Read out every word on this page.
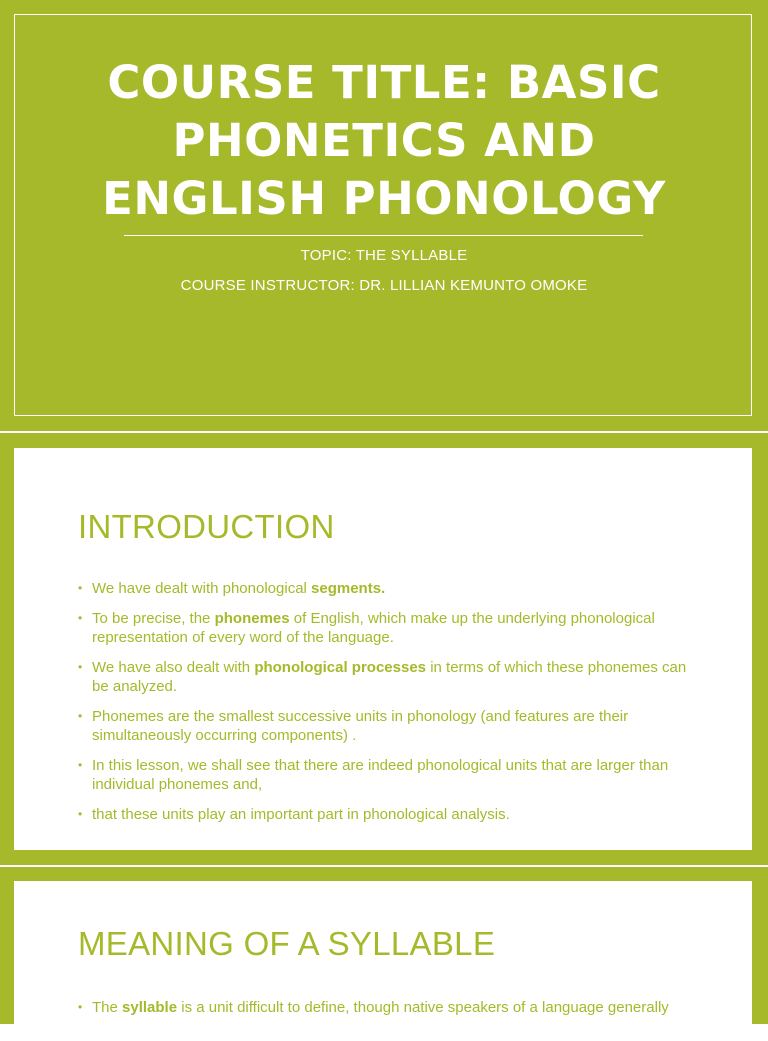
COURSE TITLE: BASIC
PHONETICS AND
ENGLISH PHONOLOGY
TOPIC: THE SYLLABLE
COURSE INSTRUCTOR: DR. LILLIAN KEMUNTO OMOKE
INTRODUCTION
• We have dealt with phonological segments.
• To be precise, the phonemes of English, which make up the underlying phonological representation of every word of the language.
• We have also dealt with phonological processes in terms of which these phonemes can be analyzed.
• Phonemes are the smallest successive units in phonology (and features are their simultaneously occurring components) .
• In this lesson, we shall see that there are indeed phonological units that are larger than individual phonemes and,
• that these units play an important part in phonological analysis.
MEANING OF A SYLLABLE
• The syllable is a unit difficult to define, though native speakers of a language generally
